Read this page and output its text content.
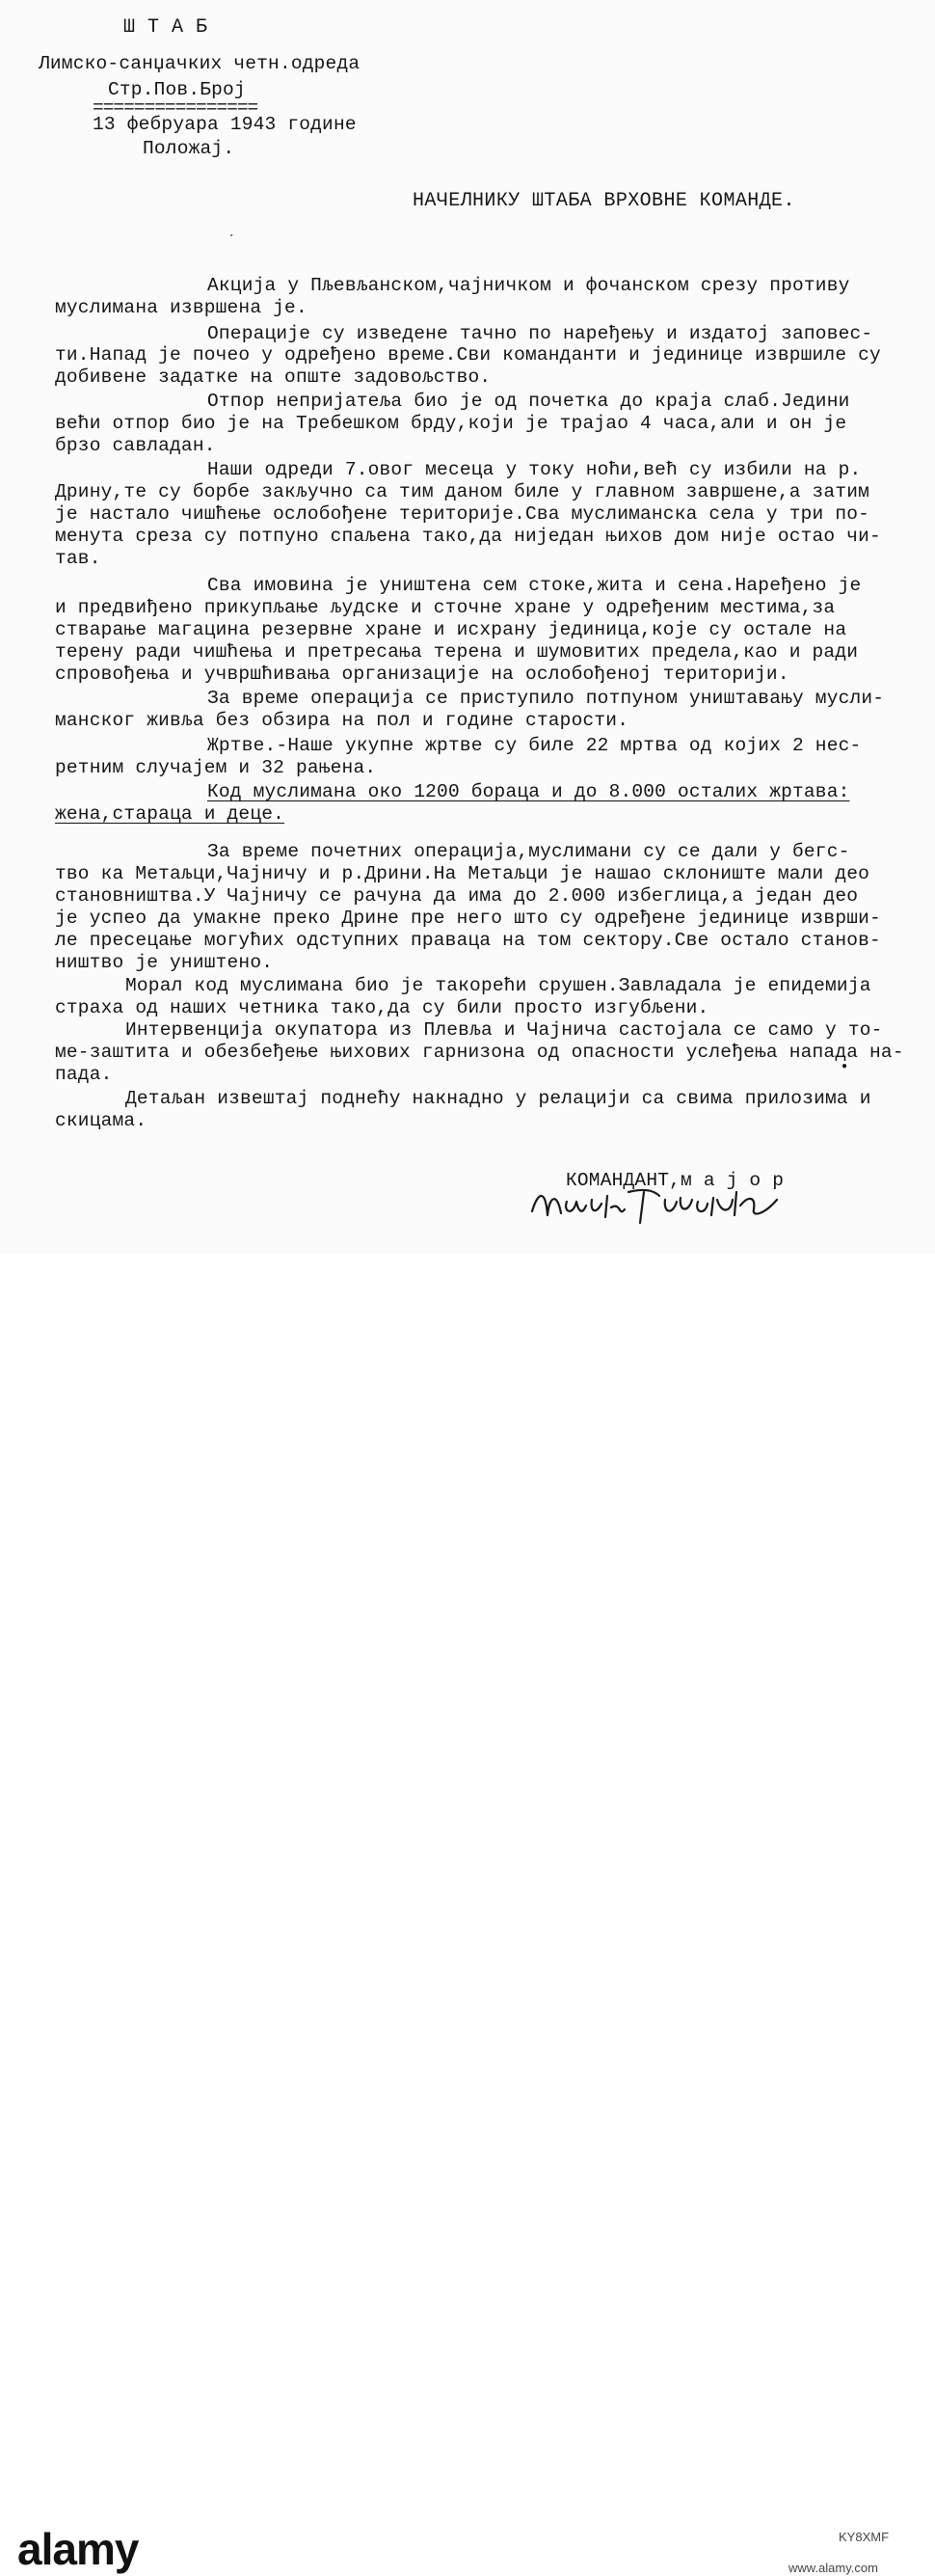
ШТАБ
Лимско-санџачких четн.одреда
Стр.Пов.Број
================
13 фебруара 1943 године
Положај.
НАЧЕЛНИКУ ШТАБА ВРХОВНЕ КОМАНДЕ.
ˏ
Акција у Пљевљанском,чајничком и фочанском срезу противу
муслимана извршена је.
Операције су изведене тачно по наређењу и издатој заповес-
ти.Напад је почео у одређено време.Сви команданти и јединице извршиле су
добивене задатке на опште задовољство.
Отпор непријатеља био је од почетка до краја слаб.Једини
већи отпор био је на Требешком брду,који је трајао 4 часа,али и он је
брзо савладан.
Наши одреди 7.овог месеца у току ноћи,већ су избили на р.
Дрину,те су борбе закључно са тим даном биле у главном завршене,а затим
је настало чишћење ослобођене територије.Сва муслиманска села у три по-
менута среза су потпуно спаљена тако,да ниједан њихов дом није остао чи-
тав.
Сва имовина је уништена сем стоке,жита и сена.Наређено је
и предвиђено прикупљање људске и сточне хране у одређеним местима,за
стварање магацина резервне хране и исхрану јединица,које су остале на
терену ради чишћења и претресања терена и шумовитих предела,као и ради
спровођења и учвршћивања организације на ослобођеној територији.
За време операција се приступило потпуном уништавању мусли-
манског живља без обзира на пол и године старости.
Жртве.-Наше укупне жртве су биле 22 мртва од којих 2 нес-
ретним случајем и 32 рањена.
Код муслимана око 1200 бораца и до 8.000 осталих жртава:
жена,стараца и деце.
За време почетних операција,муслимани су се дали у бегс-
тво ка Метаљци,Чајничу и р.Дрини.На Метаљци је нашао склониште мали део
становништва.У Чајничу се рачуна да има до 2.000 избеглица,а један део
је успео да умакне преко Дрине пре него што су одређене јединице изврши-
ле пресецање могућих одступних праваца на том сектору.Све остало станов-
ништво је уништено.
Морал код муслимана био је такорећи срушен.Завладала је епидемија
страха од наших четника тако,да су били просто изгубљени.
Интервенција окупатора из Плевља и Чајнича састојала се само у то-
ме-заштита и обезбеђење њихових гарнизона од опасности услеђења напада на-
пада.
Детаљан извештај поднећу накнадно у релацији са свима прилозима и
скицама.
●
КОМАНДАНТ,м а ј о р
alamy	KY8XMF
www.alamy.com
